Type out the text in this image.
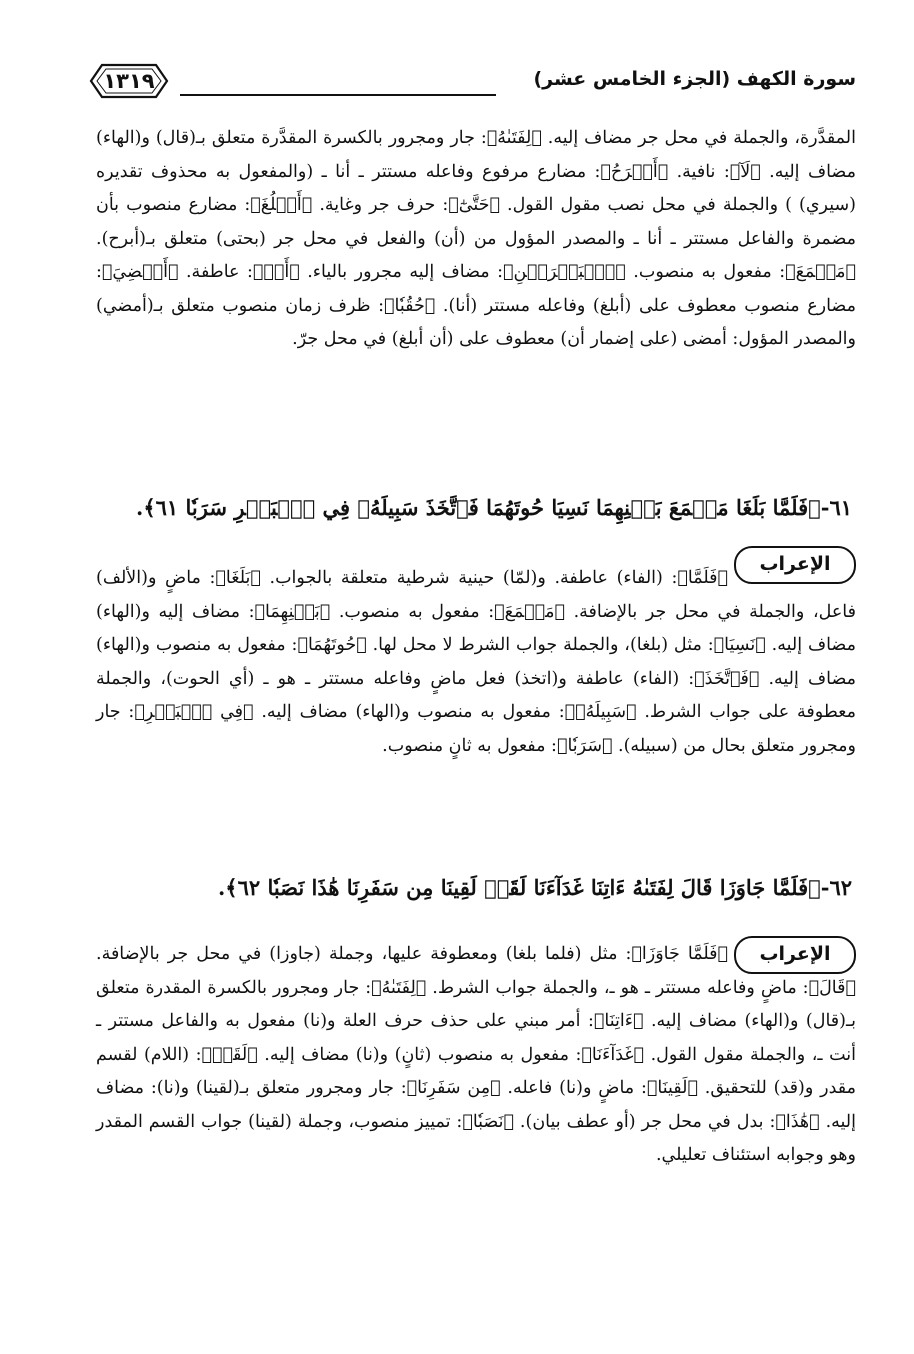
سورة الكهف (الجزء الخامس عشر)
١٣١٩
المقدَّرة، والجملة في محل جر مضاف إليه. ﴿لِفَتَىٰهُ﴾: جار ومجرور بالكسرة المقدَّرة متعلق بـ(قال) و(الهاء) مضاف إليه. ﴿لَآ﴾: نافية. ﴿أَبۡرَحُ﴾: مضارع مرفوع وفاعله مستتر ـ أنا ـ (والمفعول به محذوف تقديره (سيري) ) والجملة في محل نصب مقول القول. ﴿حَتَّىٰٓ﴾: حرف جر وغاية. ﴿أَبۡلُغَ﴾: مضارع منصوب بأن مضمرة والفاعل مستتر ـ أنا ـ والمصدر المؤول من (أن) والفعل في محل جر (بحتى) متعلق بـ(أبرح). ﴿مَجۡمَعَ﴾: مفعول به منصوب. ﴿ٱلۡبَحۡرَيۡنِ﴾: مضاف إليه مجرور بالياء. ﴿أَوۡ﴾: عاطفة. ﴿أَمۡضِيَ﴾: مضارع منصوب معطوف على (أبلغ) وفاعله مستتر (أنا). ﴿حُقُبٗا﴾: ظرف زمان منصوب متعلق بـ(أمضي) والمصدر المؤول: أمضى (على إضمار أن) معطوف على (أن أبلغ) في محل جرّ.
٦١-﴿فَلَمَّا بَلَغَا مَجۡمَعَ بَيۡنِهِمَا نَسِيَا حُوتَهُمَا فَٱتَّخَذَ سَبِيلَهُۥ فِي ٱلۡبَحۡرِ سَرَبٗا ٦١﴾.
الإعراب
﴿فَلَمَّا﴾: (الفاء) عاطفة. و(لمّا) حينية شرطية متعلقة بالجواب. ﴿بَلَغَا﴾: ماضٍ و(الألف) فاعل، والجملة في محل جر بالإضافة. ﴿مَجۡمَعَ﴾: مفعول به منصوب. ﴿بَيۡنِهِمَا﴾: مضاف إليه و(الهاء) مضاف إليه. ﴿نَسِيَا﴾: مثل (بلغا)، والجملة جواب الشرط لا محل لها. ﴿حُوتَهُمَا﴾: مفعول به منصوب و(الهاء) مضاف إليه. ﴿فَٱتَّخَذَ﴾: (الفاء) عاطفة و(اتخذ) فعل ماضٍ وفاعله مستتر ـ هو ـ (أي الحوت)، والجملة معطوفة على جواب الشرط. ﴿سَبِيلَهُۥ﴾: مفعول به منصوب و(الهاء) مضاف إليه. ﴿فِي ٱلۡبَحۡرِ﴾: جار ومجرور متعلق بحال من (سبيله). ﴿سَرَبٗا﴾: مفعول به ثانٍ منصوب.
٦٢-﴿فَلَمَّا جَاوَزَا قَالَ لِفَتَىٰهُ ءَاتِنَا غَدَآءَنَا لَقَدۡ لَقِينَا مِن سَفَرِنَا هَٰذَا نَصَبٗا ٦٢﴾.
الإعراب
﴿فَلَمَّا جَاوَزَا﴾: مثل (فلما بلغا) ومعطوفة عليها، وجملة (جاوزا) في محل جر بالإضافة. ﴿قَالَ﴾: ماضٍ وفاعله مستتر ـ هو ـ، والجملة جواب الشرط. ﴿لِفَتَىٰهُ﴾: جار ومجرور بالكسرة المقدرة متعلق بـ(قال) و(الهاء) مضاف إليه. ﴿ءَاتِنَا﴾: أمر مبني على حذف حرف العلة و(نا) مفعول به والفاعل مستتر ـ أنت ـ، والجملة مقول القول. ﴿غَدَآءَنَا﴾: مفعول به منصوب (ثانٍ) و(نا) مضاف إليه. ﴿لَقَدۡ﴾: (اللام) لقسم مقدر و(قد) للتحقيق. ﴿لَقِينَا﴾: ماضٍ و(نا) فاعله. ﴿مِن سَفَرِنَا﴾: جار ومجرور متعلق بـ(لقينا) و(نا): مضاف إليه. ﴿هَٰذَا﴾: بدل في محل جر (أو عطف بيان). ﴿نَصَبٗا﴾: تمييز منصوب، وجملة (لقينا) جواب القسم المقدر وهو وجوابه استئناف تعليلي.
